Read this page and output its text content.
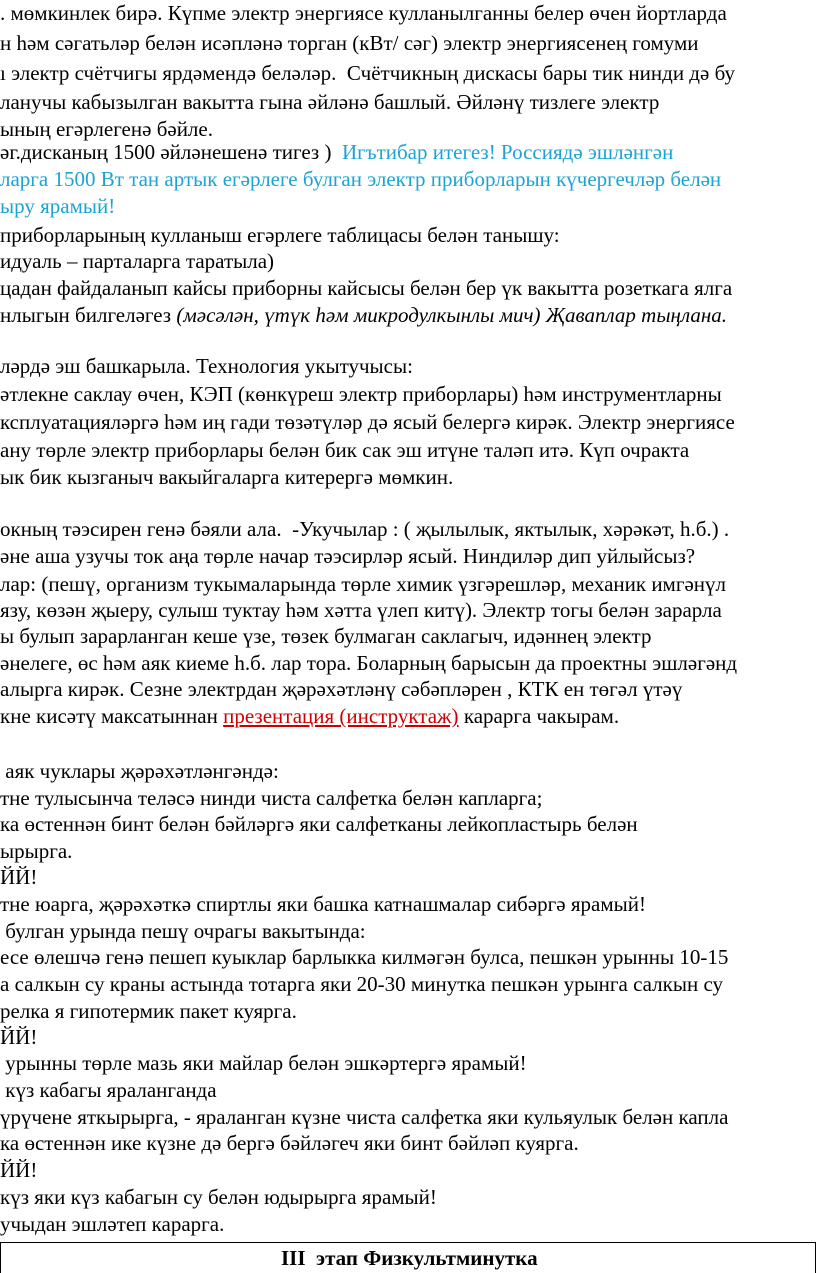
. мөмкинлек бирә. Күпме электр энергиясе кулланылганны белер өчен йортларда
н һәм сәгатьләр белән исәпләнә торган (кВт/ сәг) электр энергиясенең гомуми
ı электр счётчигы ярдәмендә беләләр.  Счётчикның дискасы бары тик нинди дә бу
ланучы кабызылган вакытта гына әйләнә башлый. Әйләнү тизлеге электр
ының егәрлегенә бәйле.
әг.дисканың 1500 әйләнешенә тигез )  Игътибар итегез! Россиядә эшләнгән
ларга 1500 Вт тан артык егәрлеге булган электр приборларын күчергечләр белән
ыру ярамый!
приборларының кулланыш егәрлеге таблицасы белән танышу:
идуаль – парталарга таратыла)
цадан файдаланып кайсы приборны кайсысы белән бер үк вакытта розеткага ялга
нлыгын билгеләгез (мәсәлән, үтүк һәм микродулкынлы мич) Җаваплар тыңлана.
ләрдә эш башкарыла. Технология укытучысы:
әтлекне саклау өчен, КЭП (көнкүреш электр приборлары) һәм инструментларны
ксплуатацияләргә һәм иң гади төзәтүләр дә ясый белергә кирәк. Электр энергиясе
ану төрле электр приборлары белән бик сак эш итүне таләп итә. Күп очракта
ык бик кызганыч вакыйгаларга китерергә мөмкин.
окның тәэсирен генә бәяли ала.  -Укучылар : ( җылылык, яктылык, хәрәкәт, һ.б.) .
әне аша узучы ток аңа төрле начар тәэсирләр ясый. Ниндиләр дип уйлыйсыз?
лар: (пешү, организм тукымаларында төрле химик үзгәрешләр, механик имгәнүл
язу, көзән җыеру, сулыш туктау һәм хәтта үлеп китү). Электр тогы белән зарарла
ы булып зарарланган кеше үзе, төзек булмаган саклагыч, идәннең электр
әнелеге, өс һәм аяк киеме һ.б. лар тора. Боларның барысын да проектны эшләгәнд
алырга кирәк. Сезне электрдан җәрәхәтләнү сәбәпләрен , КТК ен төгәл үтәү
кне кисәтү максатыннан презентация (инструктаж) карарга чакырам.
аяк чуклары җәрәхәтләнгәндә:
тне тулысынча теләсә нинди чиста салфетка белән капларга;
ка өстеннән бинт белән бәйләргә яки салфетканы лейкопластырь белән
ырырга.
ЙЙ!
тне юарга, җәрәхәткә спиртлы яки башка катнашмалар сибәргә ярамый!
булган урында пешү очрагы вакытында:
есе өлешчә генә пешеп куыклар барлыкка килмәгән булса, пешкән урынны 10-15
а салкын су краны астында тотарга яки 20-30 минутка пешкән урынга салкын су
релка я гипотермик пакет куярга.
ЙЙ!
урынны төрле мазь яки майлар белән эшкәртергә ярамый!
күз кабагы яраланганда
үрүчене яткырырга, - яраланган күзне чиста салфетка яки кульяулык белән капла
ка өстеннән ике күзне дә бергә бәйләгеч яки бинт бәйләп куярга.
ЙЙ!
күз яки күз кабагын су белән юдырырга ярамый!
учыдан эшләтеп карарга.
III  этап Физкультминутка
